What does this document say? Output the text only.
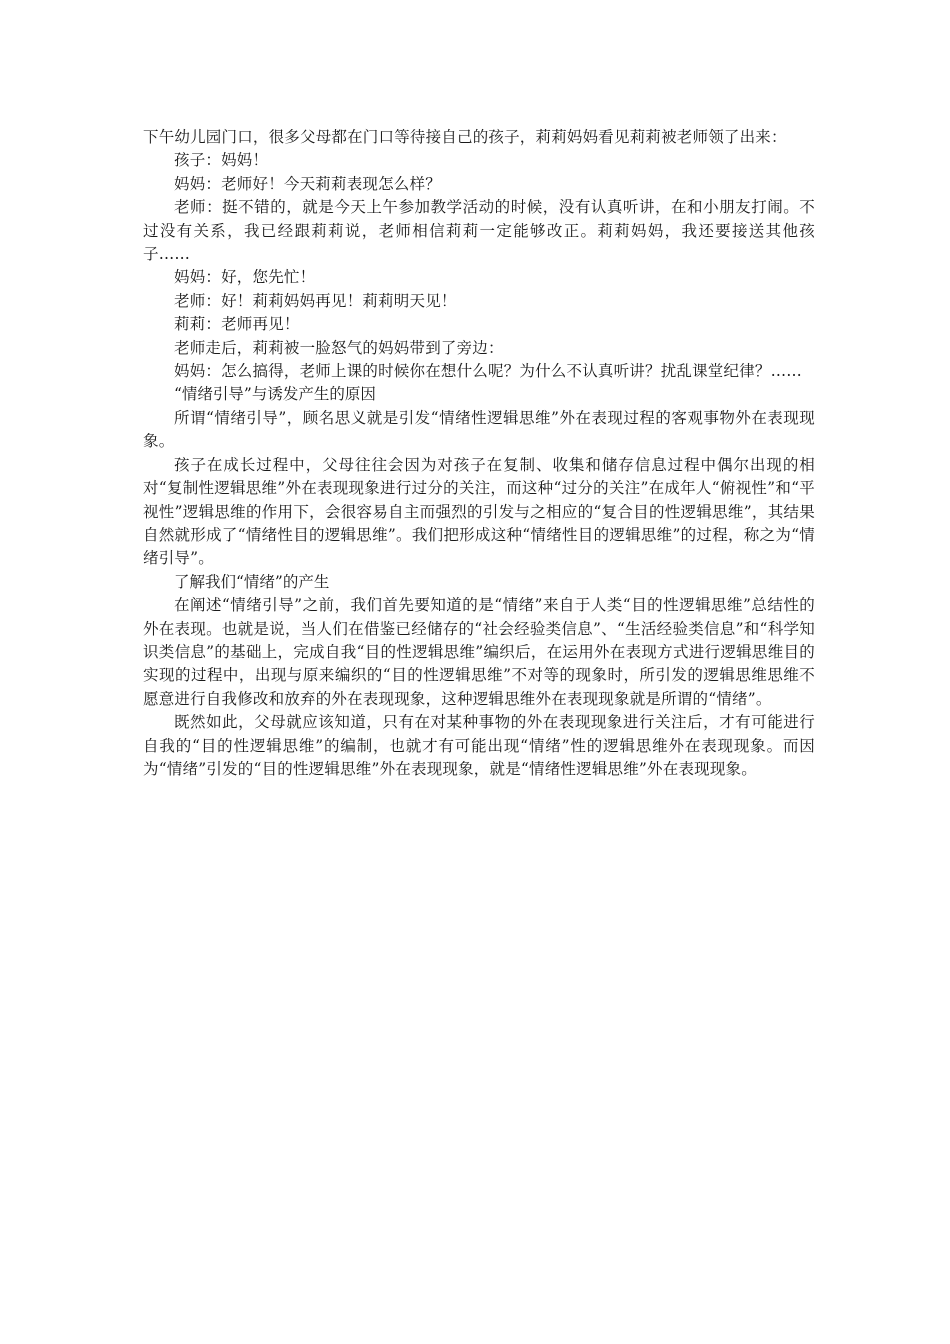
下午幼儿园门口，很多父母都在门口等待接自己的孩子，莉莉妈妈看见莉莉被老师领了出来：

孩子：妈妈！

妈妈：老师好！今天莉莉表现怎么样？

老师：挺不错的，就是今天上午参加教学活动的时候，没有认真听讲，在和小朋友打闹。不过没有关系，我已经跟莉莉说，老师相信莉莉一定能够改正。莉莉妈妈，我还要接送其他孩子……

妈妈：好，您先忙！

老师：好！莉莉妈妈再见！莉莉明天见！

莉莉：老师再见！

老师走后，莉莉被一脸怒气的妈妈带到了旁边：

妈妈：怎么搞得，老师上课的时候你在想什么呢？为什么不认真听讲？扰乱课堂纪律？……

“情绪引导”与诱发产生的原因

所谓“情绪引导”，顾名思义就是引发“情绪性逻辑思维”外在表现过程的客观事物外在表现现象。

孩子在成长过程中，父母往往会因为对孩子在复制、收集和储存信息过程中偶尔出现的相对“复制性逻辑思维”外在表现现象进行过分的关注，而这种“过分的关注”在成年人“俯视性”和“平视性”逻辑思维的作用下，会很容易自主而强烈的引发与之相应的“复合目的性逻辑思维”，其结果自然就形成了“情绪性目的逻辑思维”。我们把形成这种“情绪性目的逻辑思维”的过程，称之为“情绪引导”。

了解我们“情绪”的产生

在阐述“情绪引导”之前，我们首先要知道的是“情绪”来自于人类“目的性逻辑思维”总结性的外在表现。也就是说，当人们在借鉴已经储存的“社会经验类信息”、“生活经验类信息”和“科学知识类信息”的基础上，完成自我“目的性逻辑思维”编织后，在运用外在表现方式进行逻辑思维目的实现的过程中，出现与原来编织的“目的性逻辑思维”不对等的现象时，所引发的逻辑思维思维不愿意进行自我修改和放弃的外在表现现象，这种逻辑思维外在表现现象就是所谓的“情绪”。

既然如此，父母就应该知道，只有在对某种事物的外在表现现象进行关注后，才有可能进行自我的“目的性逻辑思维”的编制，也就才有可能出现“情绪”性的逻辑思维外在表现现象。而因为“情绪”引发的“目的性逻辑思维”外在表现现象，就是“情绪性逻辑思维”外在表现现象。
